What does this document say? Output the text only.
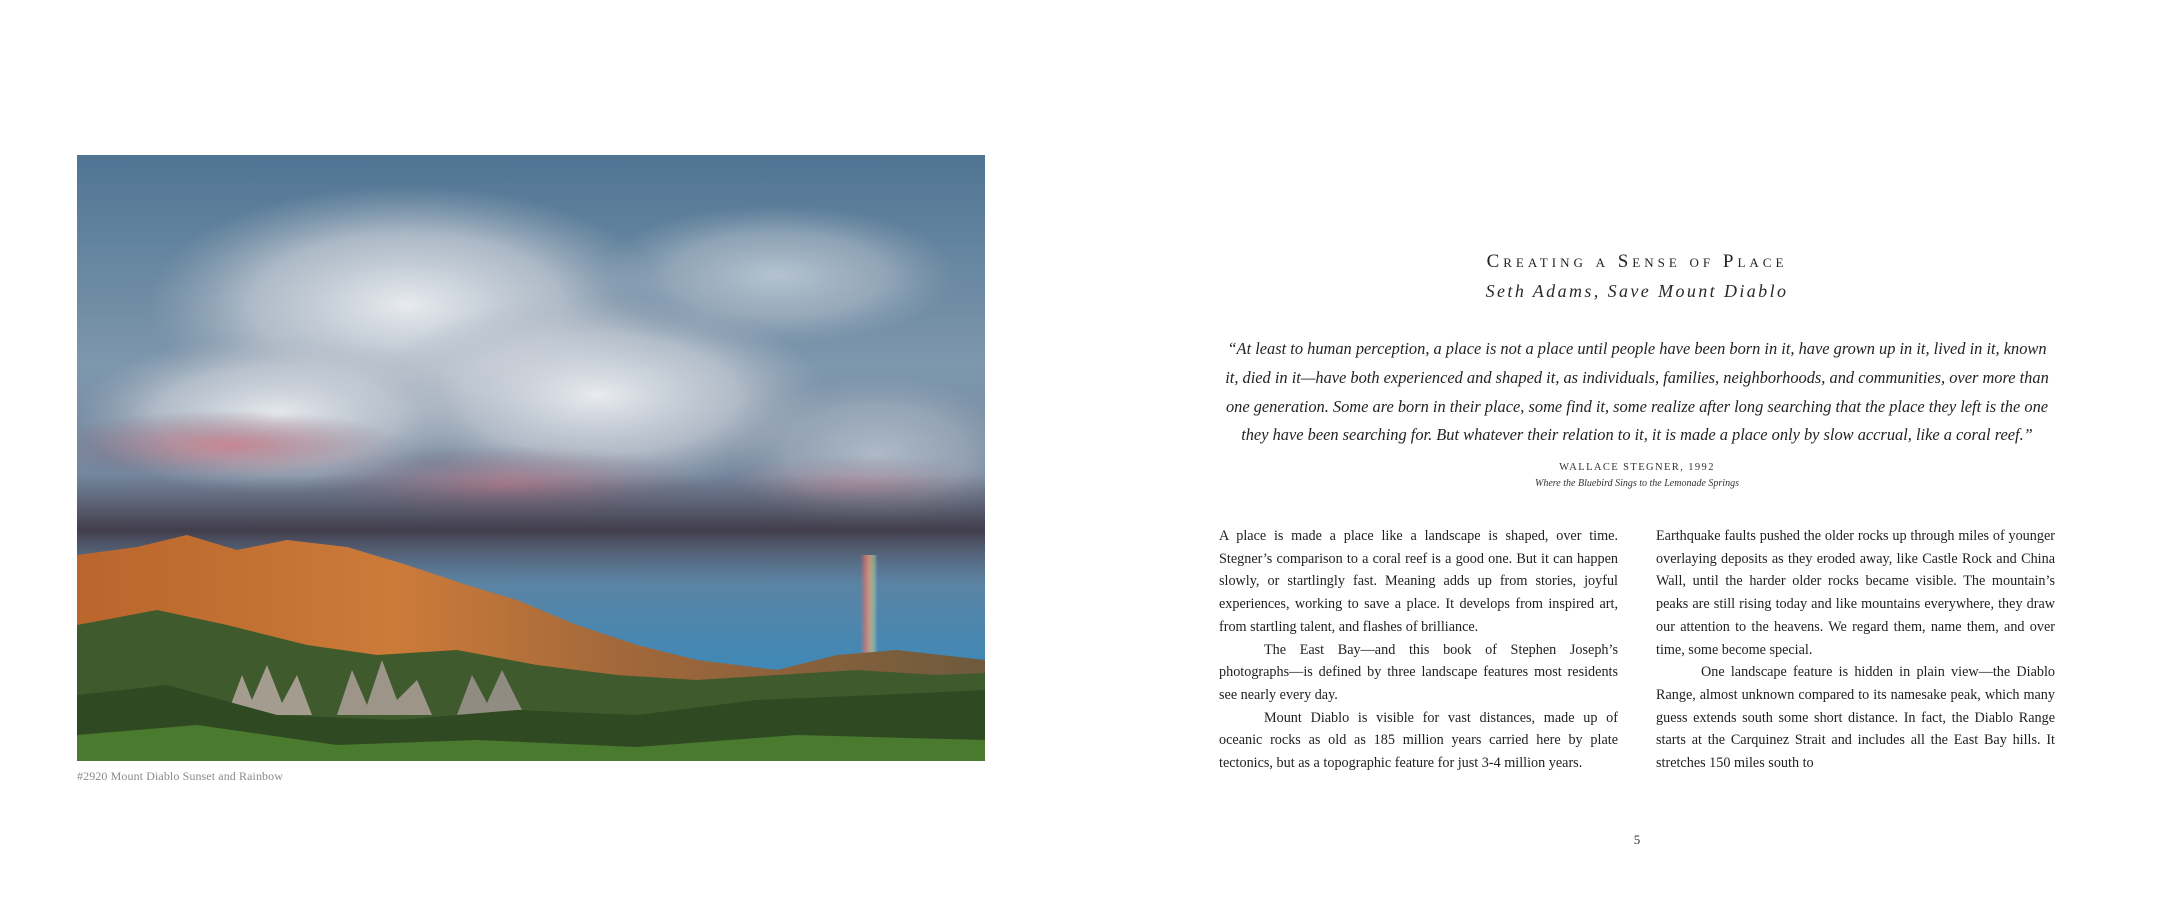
#2920 Mount Diablo Sunset and Rainbow
Creating a Sense of Place
Seth Adams, Save Mount Diablo
“At least to human perception, a place is not a place until people have been born in it, have grown up in it, lived in it, known it, died in it—have both experienced and shaped it, as individuals, families, neighborhoods, and communities, over more than one generation. Some are born in their place, some find it, some realize after long searching that the place they left is the one they have been searching for. But whatever their relation to it, it is made a place only by slow accrual, like a coral reef.”
WALLACE STEGNER, 1992
Where the Bluebird Sings to the Lemonade Springs

A place is made a place like a landscape is shaped, over time. Stegner’s comparison to a coral reef is a good one. But it can happen slowly, or startlingly fast. Meaning adds up from stories, joyful experiences, working to save a place. It develops from inspired art, from startling talent, and flashes of brilliance.

The East Bay—and this book of Stephen Joseph’s photographs—is defined by three landscape features most residents see nearly every day.

Mount Diablo is visible for vast distances, made up of oceanic rocks as old as 185 million years carried here by plate tectonics, but as a topographic feature for just 3-4 million years.

Earthquake faults pushed the older rocks up through miles of younger overlaying deposits as they eroded away, like Castle Rock and China Wall, until the harder older rocks became visible. The mountain’s peaks are still rising today and like mountains everywhere, they draw our attention to the heavens. We regard them, name them, and over time, some become special.

One landscape feature is hidden in plain view—the Diablo Range, almost unknown compared to its namesake peak, which many guess extends south some short distance. In fact, the Diablo Range starts at the Carquinez Strait and includes all the East Bay hills. It stretches 150 miles south to

5
